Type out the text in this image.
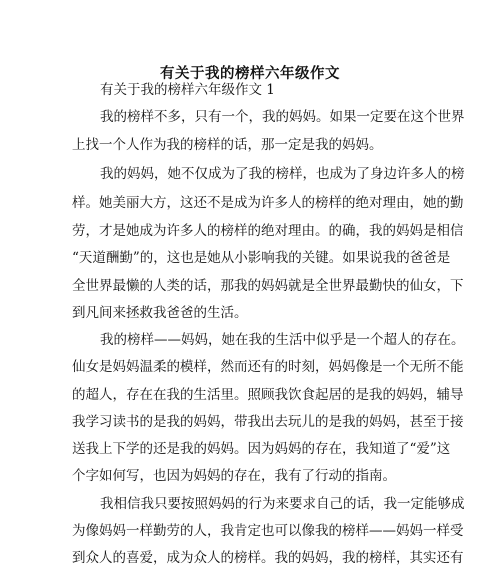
有关于我的榜样六年级作文
有关于我的榜样六年级作文 1
我的榜样不多，只有一个，我的妈妈。如果一定要在这个世界
上找一个人作为我的榜样的话，那一定是我的妈妈。
我的妈妈，她不仅成为了我的榜样，也成为了身边许多人的榜
样。她美丽大方，这还不是成为许多人的榜样的绝对理由，她的勤
劳，才是她成为许多人的榜样的绝对理由。的确，我的妈妈是相信
“天道酬勤”的，这也是她从小影响我的关键。如果说我的爸爸是
全世界最懒的人类的话，那我的妈妈就是全世界最勤快的仙女，下
到凡间来拯救我爸爸的生活。
我的榜样——妈妈，她在我的生活中似乎是一个超人的存在。
仙女是妈妈温柔的模样，然而还有的时刻，妈妈像是一个无所不能
的超人，存在在我的生活里。照顾我饮食起居的是我的妈妈，辅导
我学习读书的是我的妈妈，带我出去玩儿的是我的妈妈，甚至于接
送我上下学的还是我的妈妈。因为妈妈的存在，我知道了“爱”这
个字如何写，也因为妈妈的存在，我有了行动的指南。
我相信我只要按照妈妈的行为来要求自己的话，我一定能够成
为像妈妈一样勤劳的人，我肯定也可以像我的榜样——妈妈一样受
到众人的喜爱，成为众人的榜样。我的妈妈，我的榜样，其实还有
